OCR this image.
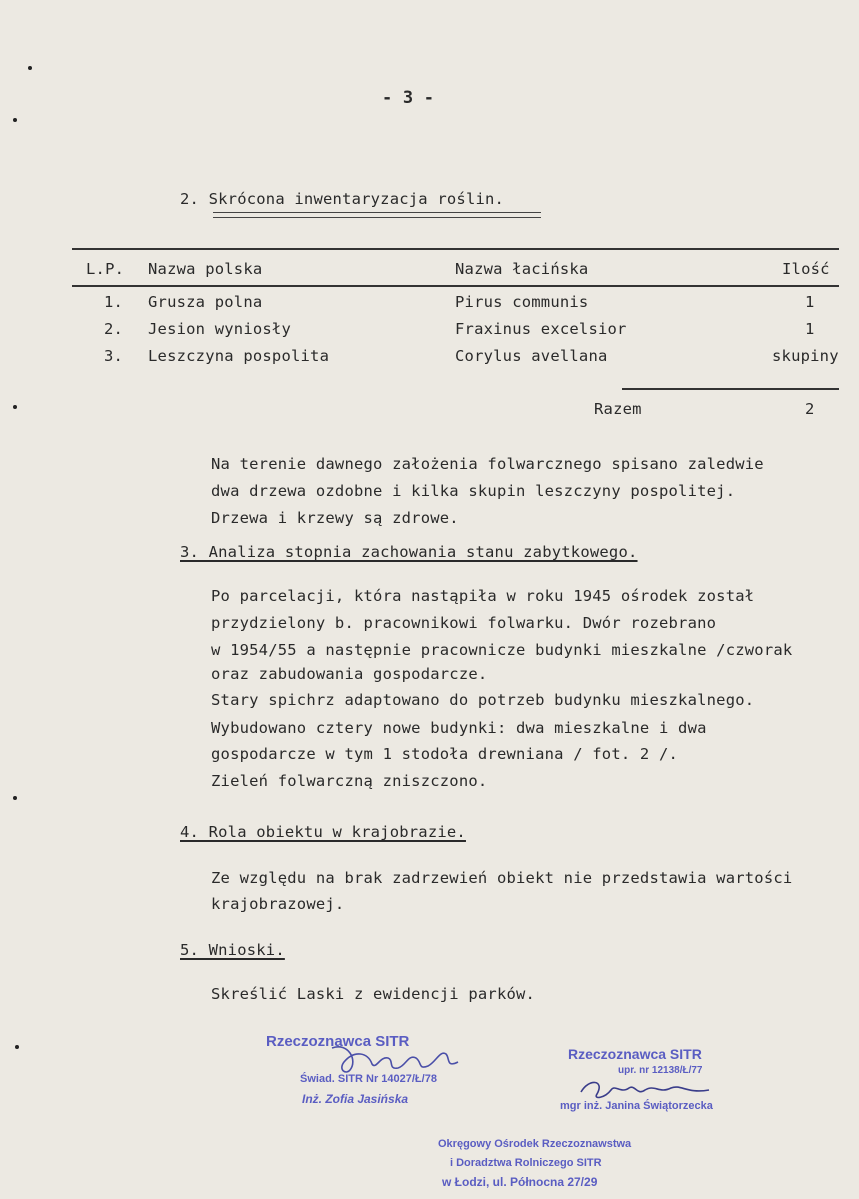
- 3 -
2. Skrócona inwentaryzacja roślin.
L.P. Nazwa polska	Nazwa łacińska	Ilość
1. Grusza polna	Pirus communis	1
2. Jesion wyniosły	Fraxinus excelsior	1
3. Leszczyna pospolita	Corylus avellana	skupiny
Razem	2
Na terenie dawnego założenia folwarcznego spisano zaledwie
dwa drzewa ozdobne i kilka skupin leszczyny pospolitej.
Drzewa i krzewy są zdrowe.
3. Analiza stopnia zachowania stanu zabytkowego.
Po parcelacji, która nastąpiła w roku 1945 ośrodek został
przydzielony b. pracownikowi folwarku. Dwór rozebrano
w 1954/55 a następnie pracownicze budynki mieszkalne /czworak
oraz zabudowania gospodarcze.
Stary spichrz adaptowano do potrzeb budynku mieszkalnego.
Wybudowano cztery nowe budynki: dwa mieszkalne i dwa
gospodarcze w tym 1 stodoła drewniana / fot. 2 /.
Zieleń folwarczną zniszczono.
4. Rola obiektu w krajobrazie.
Ze względu na brak zadrzewień obiekt nie przedstawia wartości
krajobrazowej.
5. Wnioski.
Skreślić Laski z ewidencji parków.
Rzeczoznawca SITR
Świad. SITR Nr 14027/Ł/78
Inż. Zofia Jasińska
Rzeczoznawca SITR
upr. nr 12138/Ł/77
mgr inż. Janina Świątorzecka
Okręgowy Ośrodek Rzeczoznawstwa
i Doradztwa Rolniczego SITR
w Łodzi, ul. Północna 27/29
